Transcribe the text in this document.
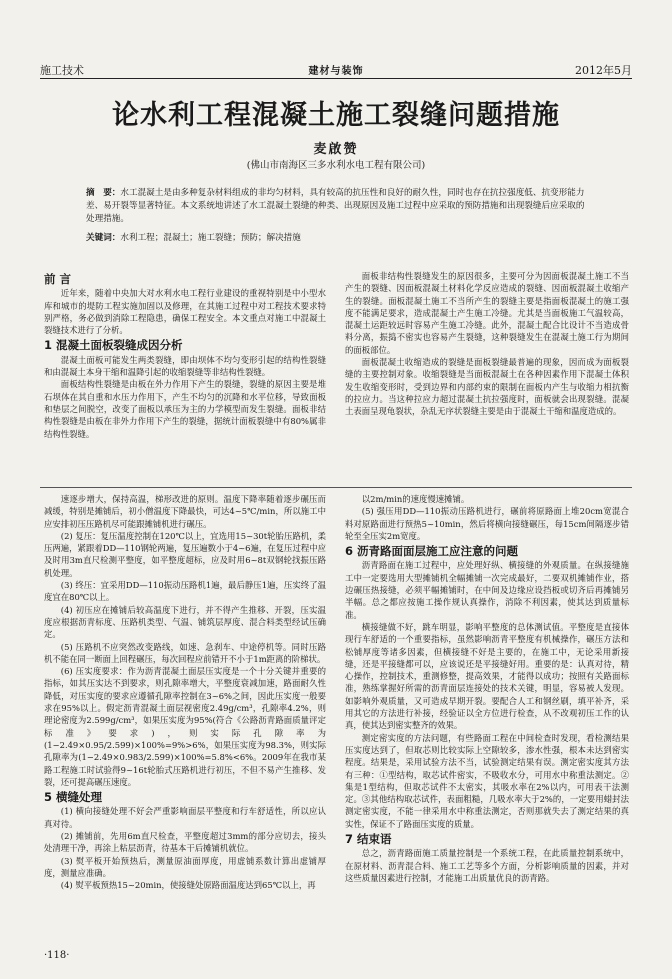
施工技术	建材与装饰	2012年5月
论水利工程混凝土施工裂缝问题措施
麦啟赞
(佛山市南海区三多水利水电工程有限公司)
摘　要：水工混凝土是由多种复杂材料组成的非均匀材料，具有较高的抗压性和良好的耐久性，同时也存在抗拉强度低、抗变形能力差、易开裂等显著特征。本文系统地讲述了水工混凝土裂缝的种类、出现原因及施工过程中应采取的预防措施和出现裂缝后应采取的处理措施。
关键词：水利工程；混凝土；施工裂缝；预防；解决措施
前 言

近年来，随着中央加大对水利水电工程行业建设的重视特别是中小型水库和城市的堤防工程实施加固以及修理，在其施工过程中对工程技术要求特别严格，务必做到消除工程隐患，确保工程安全。本文重点对施工中混凝土裂缝技术进行了分析。

1 混凝土面板裂缝成因分析

混凝土面板可能发生两类裂缝，即由坝体不均匀变形引起的结构性裂缝和由混凝土本身干缩和温降引起的收缩裂缝等非结构性裂缝。

面板结构性裂缝是由板在外力作用下产生的裂缝，裂缝的原因主要是堆石坝体在其自重和水压力作用下，产生不均匀的沉降和水平位移，导致面板和垫层之间脱空，改变了面板以承压为主的力学模型而发生裂缝。面板非结构性裂缝是由板在非外力作用下产生的裂缝，据统计面板裂缝中有80%属非结构性裂缝。

面板非结构性裂缝发生的原因很多，主要可分为因面板混凝土施工不当产生的裂缝、因面板混凝土材料化学反应造成的裂缝、因面板混凝土收缩产生的裂缝。面板混凝土施工不当所产生的裂缝主要是指面板混凝土的施工强度不能满足要求，造成混凝土产生施工冷缝。尤其是当面板施工气温较高，混凝土运距较远时容易产生施工冷缝。此外，混凝土配合比设计不当造成骨料分离，振捣不密实也容易产生裂缝，这种裂缝发生在混凝土施工行为期间的面板部位。

面板混凝土收缩造成的裂缝是面板裂缝最普遍的现象，因而成为面板裂缝的主要控制对象。收缩裂缝是当面板混凝土在各种因素作用下混凝土体积发生收缩变形时，受到边界和内部约束的限制在面板内产生与收缩力相抗衡的拉应力。当这种拉应力超过混凝土抗拉强度时，面板就会出现裂缝。混凝土表面呈现龟裂状，杂乱无序状裂缝主要是由于混凝土干缩和温度造成的。

速逐步增大，保持高温，梯形改进的原则。温度下降率随着逐步碾压而减缓，特别是摊铺后，初小僧温度下降最快，可达4~5℃/min，所以施工中应安排初压压路机尽可能跟摊铺机进行碾压。

(2) 复压：复压温度控制在120℃以上，宜选用15~30t轮胎压路机，柔压两遍，紧跟着DD—110钢轮两遍，复压遍数小于4~6遍，在复压过程中应及时用3m直尺检测平整度，如平整度超标，应及时用6~8t双钢轮找振压路机处理。

(3) 终压：宜采用DD—110振动压路机1遍，最后静压1遍，压实终了温度宜在80℃以上。

(4) 初压应在摊铺后较高温度下进行，并不得产生推移、开裂，压实温度应根据沥青标度、压路机类型、气温、铺筑层厚度、混合料类型经试压确定。

(5) 压路机不应突然改变路线，如速、急刹车、中途停机等。同时压路机不能在同一断面上回程碾压，每次回程应前错开不小于1m距离的阶梯状。

(6) 压实度要求：作为沥青混凝土面层压实度是一个十分关键并重要的指标，如其压实达不到要求，则孔隙率增大，平整度衰减加速，路面耐久性降低，对压实度的要求应遵循孔隙率控制在3~6%之间，因此压实度一般要求在95%以上。假定沥青混凝土面层视密度2.49g/cm³，孔隙率4.2%，则理论密度为2.599g/cm³，如果压实度为95%(符合《公路沥青路面质量评定标准》要求)，则实际孔隙率为(1−2.49×0.95/2.599)×100%=9%>6%，如果压实度为98.3%，则实际孔隙率为(1−2.49×0.983/2.599)×100%=5.8%<6%。2009年在我市某路工程施工时试验得9~16t轮胎式压路机进行初压，不但不易产生推移、发裂，还可提高碾压速度。

5 横缝处理

(1) 横向接缝处理不好会严重影响面层平整度和行车舒适性，所以应认真对待。

(2) 摊铺前，先用6m直尺检查，平整度超过3mm的部分应切去，接头处清理干净，再涂上粘层沥青，待基本干后摊铺机就位。

(3) 熨平板开始预热后，测量原油面厚度，用虚铺系数计算出虚铺厚度，测量应准确。

(4) 熨平板预热15~20min，使接缝处原路面温度达到65℃以上，再

以2m/min的速度慢速摊铺。

(5) 强压用DD—110振动压路机进行，碾前将原路面上堆20cm宽混合料对原路面进行预热5~10min，然后将横向接缝碾压，每15cm间隔逐步错轮至全压实2m宽度。

6 沥青路面面层施工应注意的问题

沥青路面在施工过程中，应处理好纵、横接缝的外观质量。在纵接缝施工中一定要选用大型摊铺机全幅摊铺一次完成最好，二要双机摊铺作业，搭边碾压热接缝，必须平幅摊铺时，在中间及边缘应设挡板或切齐后再摊铺另半幅。总之都应按施工操作规认真操作，消除不利因素，使其达到质量标准。

横接缝做不好，跳车明显，影响平整度的总体测试值。平整度是直接体现行车舒适的一个重要指标，虽然影响沥青平整度有机械操作，碾压方法和松铺厚度等诸多因素，但横接缝不好是主要的，在施工中，无论采用新接缝，还是平接缝都可以，应该说还是平接缝好用。重要的是：认真对待，精心操作，控制技术，重测修整，提高效果，才能得以成功；按照有关路面标准，熟练掌握好所需的沥青面层连接处的技术关键，明显，容易被人发现。如影响外观质量，又可造成早期开裂。要配合人工和钢丝刷，填平补齐，采用其它的方法进行补接，经验证以全方位进行检查，从不改观初压工作的认真，使其达到密实整齐的效果。

测定密实度的方法问题，有些路面工程在中间检查时发现，看检测结果压实度达到了，但取芯则比较实际上空隙较多，渗水性强，根本未达到密实程度。结果是，采用试验方法不当，试验测定结果有误。测定密实度其方法有三种：①型结构，取芯试件密实，不吸收水分，可用水中称重法测定。②集是1型结构，但取芯试件不太密实，其吸水率在2%以内，可用表干法测定。③其他结构取芯试件，表面粗糙，几吸水率大于2%的，一定要用蜡封法测定密实度，不能一律采用水中称重法测定，否则那就失去了测定结果的真实性，保证不了路面压实度的质量。

7 结束语

总之，沥青路面施工质量控制是一个系统工程，在此质量控制系统中，在原材料、沥青混合料、施工工艺等多个方面，分析影响质量的因素，并对这些质量因素进行控制，才能施工出质量优良的沥青路。

·118·
